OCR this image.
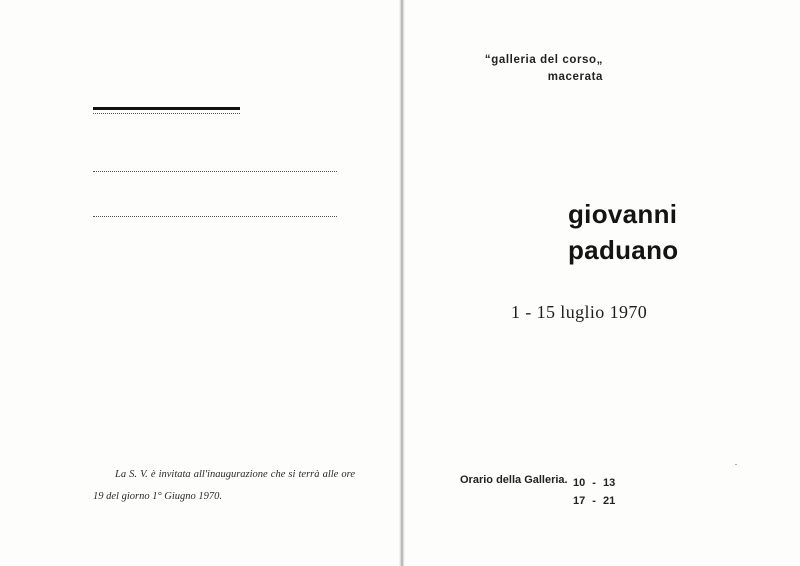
La S. V. è invitata all'inaugurazione che si terrà alle ore 19 del giorno 1° Giugno 1970.
“galleria del corso„
macerata
giovanni
paduano
1 - 15 luglio 1970
Orario della Galleria. 10 - 13
17 - 21
